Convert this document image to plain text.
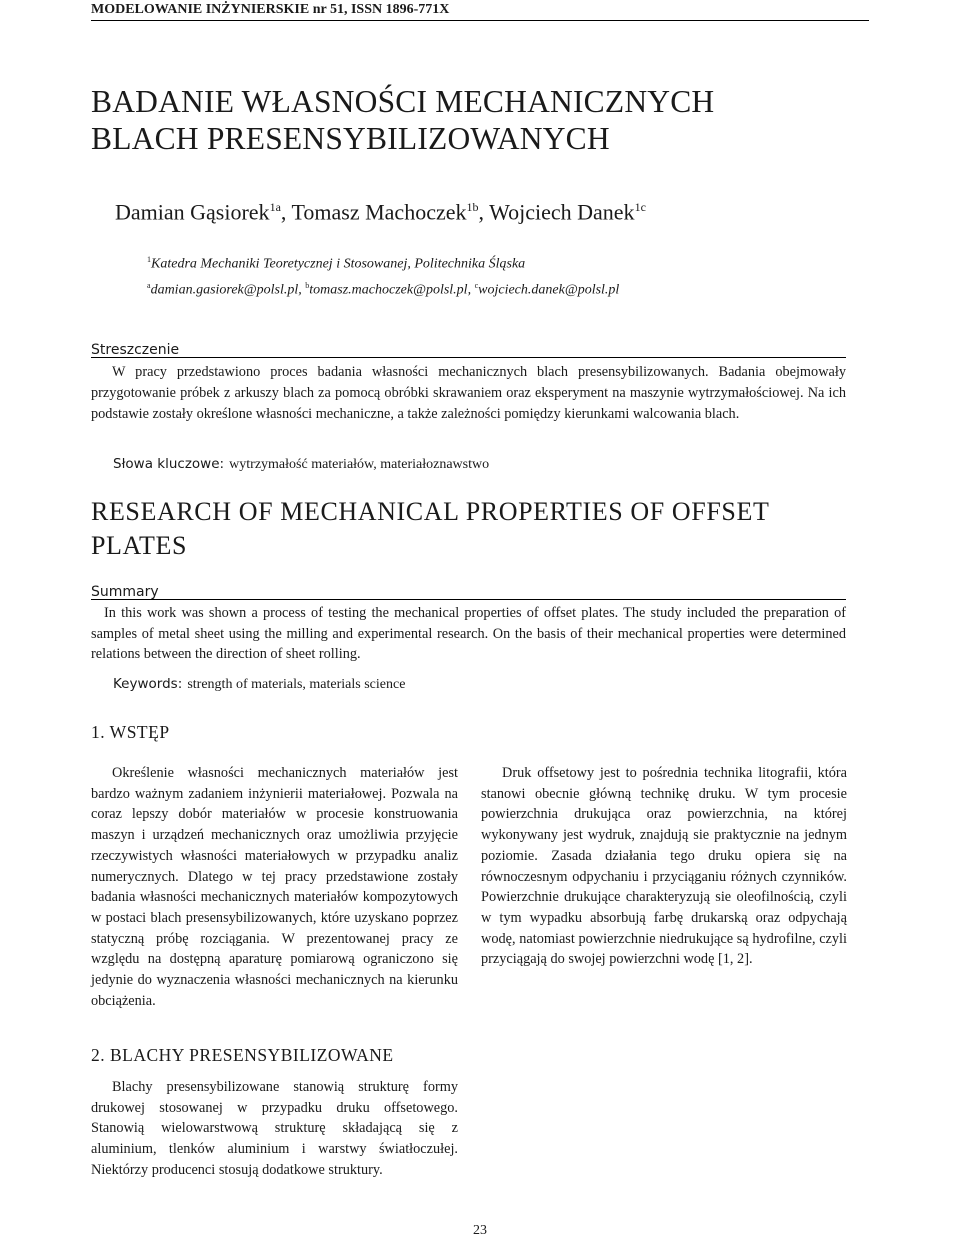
MODELOWANIE INŻYNIERSKIE nr 51, ISSN 1896-771X
BADANIE WŁASNOŚCI MECHANICZNYCH
BLACH PRESENSYBILIZOWANYCH
Damian Gąsiorek$^{1a}$, Tomasz Machoczek$^{1b}$, Wojciech Danek$^{1c}$
$^1$Katedra Mechaniki Teoretycznej i Stosowanej, Politechnika Śląska
$^a$damian.gasiorek@polsl.pl, $^b$tomasz.machoczek@polsl.pl, $^c$wojciech.danek@polsl.pl
Streszczenie
W pracy przedstawiono proces badania własności mechanicznych blach presensybilizowanych. Badania obejmowały przygotowanie próbek z arkuszy blach za pomocą obróbki skrawaniem oraz eksperyment na maszynie wytrzymałościowej. Na ich podstawie zostały określone własności mechaniczne, a także zależności pomiędzy kierunkami walcowania blach.
Słowa kluczowe: wytrzymałość materiałów, materiałoznawstwo
RESEARCH OF MECHANICAL PROPERTIES OF OFFSET
PLATES
Summary
In this work was shown a process of testing the mechanical properties of offset plates. The study included the preparation of samples of metal sheet using the milling and experimental research. On the basis of their mechanical properties were determined relations between the direction of sheet rolling.
Keywords: strength of materials, materials science
1. WSTĘP
Określenie własności mechanicznych materiałów jest bardzo ważnym zadaniem inżynierii materiałowej. Pozwala na coraz lepszy dobór materiałów w procesie konstruowania maszyn i urządzeń mechanicznych oraz umożliwia przyjęcie rzeczywistych własności materiałowych w przypadku analiz numerycznych. Dlatego w tej pracy przedstawione zostały badania własności mechanicznych materiałów kompozytowych w postaci blach presensybilizowanych, które uzyskano poprzez statyczną próbę rozciągania. W prezentowanej pracy ze względu na dostępną aparaturę pomiarową ograniczono się jedynie do wyznaczenia własności mechanicznych na kierunku obciążenia.
Druk offsetowy jest to pośrednia technika litografii, która stanowi obecnie główną technikę druku. W tym procesie powierzchnia drukująca oraz powierzchnia, na której wykonywany jest wydruk, znajdują sie praktycznie na jednym poziomie. Zasada działania tego druku opiera się na równoczesnym odpychaniu i przyciąganiu różnych czynników. Powierzchnie drukujące charakteryzują sie oleofilnością, czyli w tym wypadku absorbują farbę drukarską oraz odpychają wodę, natomiast powierzchnie niedrukujące są hydrofilne, czyli przyciągają do swojej powierzchni wodę [1, 2].
2. BLACHY PRESENSYBILIZOWANE
Blachy presensybilizowane stanowią strukturę formy drukowej stosowanej w przypadku druku offsetowego. Stanowią wielowarstwową strukturę składającą się z aluminium, tlenków aluminium i warstwy światłoczułej. Niektórzy producenci stosują dodatkowe struktury.
23
